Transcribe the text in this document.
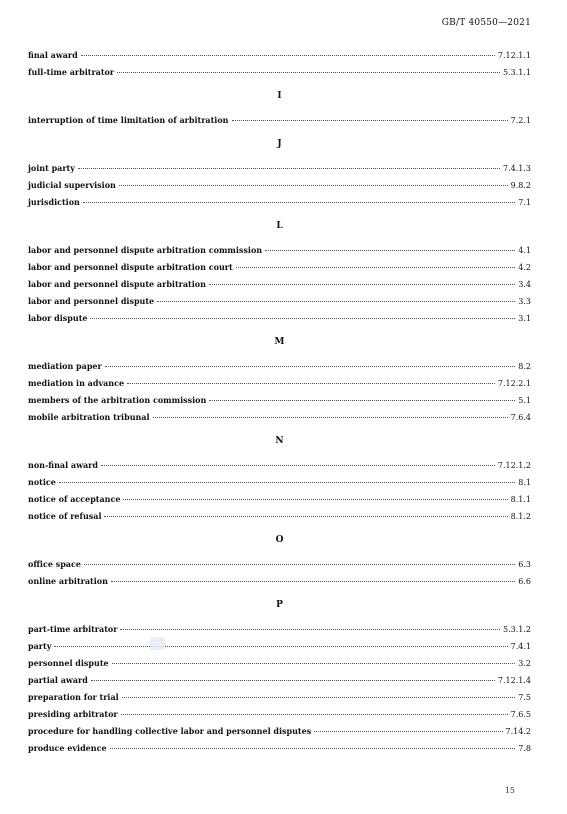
GB/T 40550—2021
final award	7.12.1.1
full-time arbitrator	5.3.1.1
I
interruption of time limitation of arbitration	7.2.1
J
joint party	7.4.1.3
judicial supervision	9.8.2
jurisdiction	7.1
L
labor and personnel dispute arbitration commission	4.1
labor and personnel dispute arbitration court	4.2
labor and personnel dispute arbitration	3.4
labor and personnel dispute	3.3
labor dispute	3.1
M
mediation paper	8.2
mediation in advance	7.12.2.1
members of the arbitration commission	5.1
mobile arbitration tribunal	7.6.4
N
non-final award	7.12.1.2
notice	8.1
notice of acceptance	8.1.1
notice of refusal	8.1.2
O
office space	6.3
online arbitration	6.6
P
part-time arbitrator	5.3.1.2
party	7.4.1
personnel dispute	3.2
partial award	7.12.1.4
preparation for trial	7.5
presiding arbitrator	7.6.5
procedure for handling collective labor and personnel disputes	7.14.2
produce evidence	7.8
15
